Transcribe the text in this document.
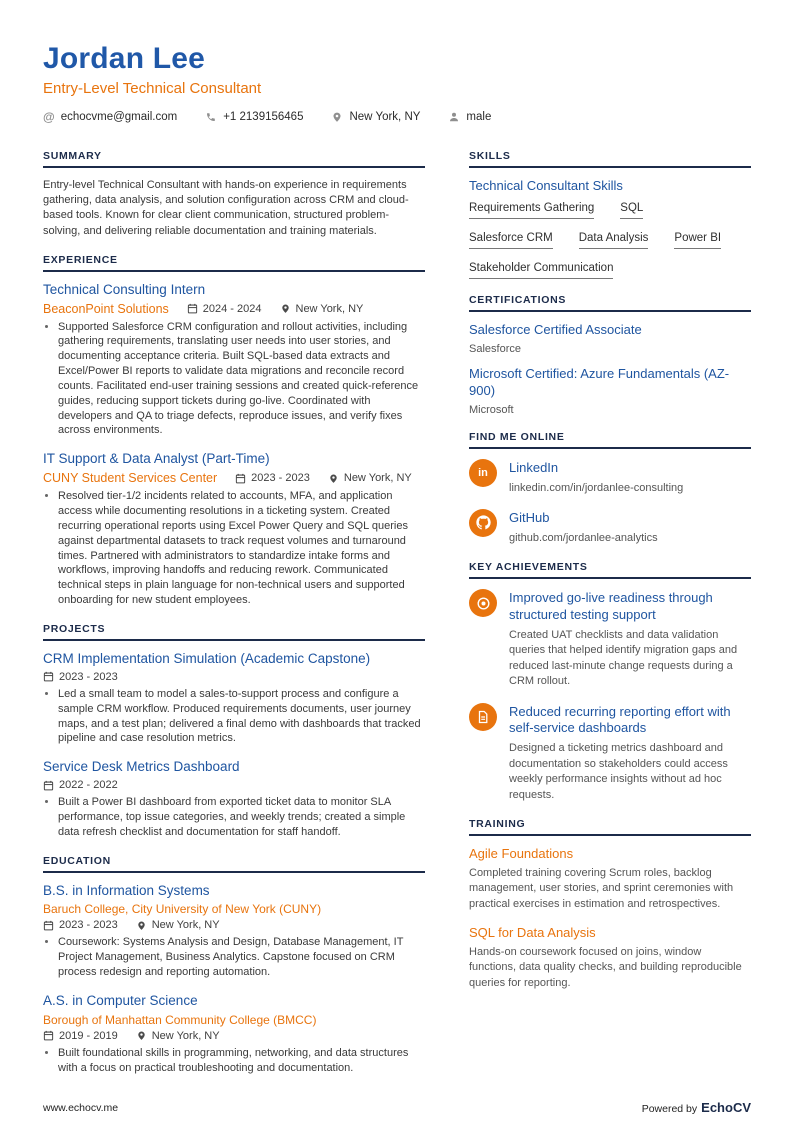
Jordan Lee
Entry-Level Technical Consultant
@ echocvme@gmail.com	+1 2139156465	New York, NY	male
SUMMARY

Entry-level Technical Consultant with hands-on experience in requirements gathering, data analysis, and solution configuration across CRM and cloud-based tools. Known for clear client communication, structured problem-solving, and delivering reliable documentation and training materials.

EXPERIENCE
Technical Consulting Intern
BeaconPoint Solutions	2024 - 2024	New York, NY
• Supported Salesforce CRM configuration and rollout activities, including gathering requirements, translating user needs into user stories, and documenting acceptance criteria. Built SQL-based data extracts and Excel/Power BI reports to validate data migrations and reconcile record counts. Facilitated end-user training sessions and created quick-reference guides, reducing support tickets during go-live. Coordinated with developers and QA to triage defects, reproduce issues, and verify fixes across environments.
IT Support & Data Analyst (Part-Time)
CUNY Student Services Center	2023 - 2023	New York, NY
• Resolved tier-1/2 incidents related to accounts, MFA, and application access while documenting resolutions in a ticketing system. Created recurring operational reports using Excel Power Query and SQL queries against departmental datasets to track request volumes and turnaround times. Partnered with administrators to standardize intake forms and workflows, improving handoffs and reducing rework. Communicated technical steps in plain language for non-technical users and supported onboarding for new student employees.
PROJECTS
CRM Implementation Simulation (Academic Capstone)
2023 - 2023
• Led a small team to model a sales-to-support process and configure a sample CRM workflow. Produced requirements documents, user journey maps, and a test plan; delivered a final demo with dashboards that tracked pipeline and case resolution metrics.
Service Desk Metrics Dashboard
2022 - 2022
• Built a Power BI dashboard from exported ticket data to monitor SLA performance, top issue categories, and weekly trends; created a simple data refresh checklist and documentation for staff handoff.
EDUCATION
B.S. in Information Systems
Baruch College, City University of New York (CUNY)
2023 - 2023	New York, NY
• Coursework: Systems Analysis and Design, Database Management, IT Project Management, Business Analytics. Capstone focused on CRM process redesign and reporting automation.
A.S. in Computer Science
Borough of Manhattan Community College (BMCC)
2019 - 2019	New York, NY
• Built foundational skills in programming, networking, and data structures with a focus on practical troubleshooting and documentation.
SKILLS
Technical Consultant Skills
Requirements Gathering SQL
Salesforce CRM Data Analysis Power BI
Stakeholder Communication
CERTIFICATIONS
Salesforce Certified Associate
Salesforce
Microsoft Certified: Azure Fundamentals (AZ-900)
Microsoft
FIND ME ONLINE
in	LinkedIn
linkedin.com/in/jordanlee-consulting
GitHub
github.com/jordanlee-analytics
KEY ACHIEVEMENTS
Improved go-live readiness through structured testing support
Created UAT checklists and data validation queries that helped identify migration gaps and reduced last-minute change requests during a CRM rollout.
Reduced recurring reporting effort with self-service dashboards
Designed a ticketing metrics dashboard and documentation so stakeholders could access weekly performance insights without ad hoc requests.
TRAINING
Agile Foundations
Completed training covering Scrum roles, backlog management, user stories, and sprint ceremonies with practical exercises in estimation and retrospectives.
SQL for Data Analysis
Hands-on coursework focused on joins, window functions, data quality checks, and building reproducible queries for reporting.
www.echocv.me	Powered by EchoCV
